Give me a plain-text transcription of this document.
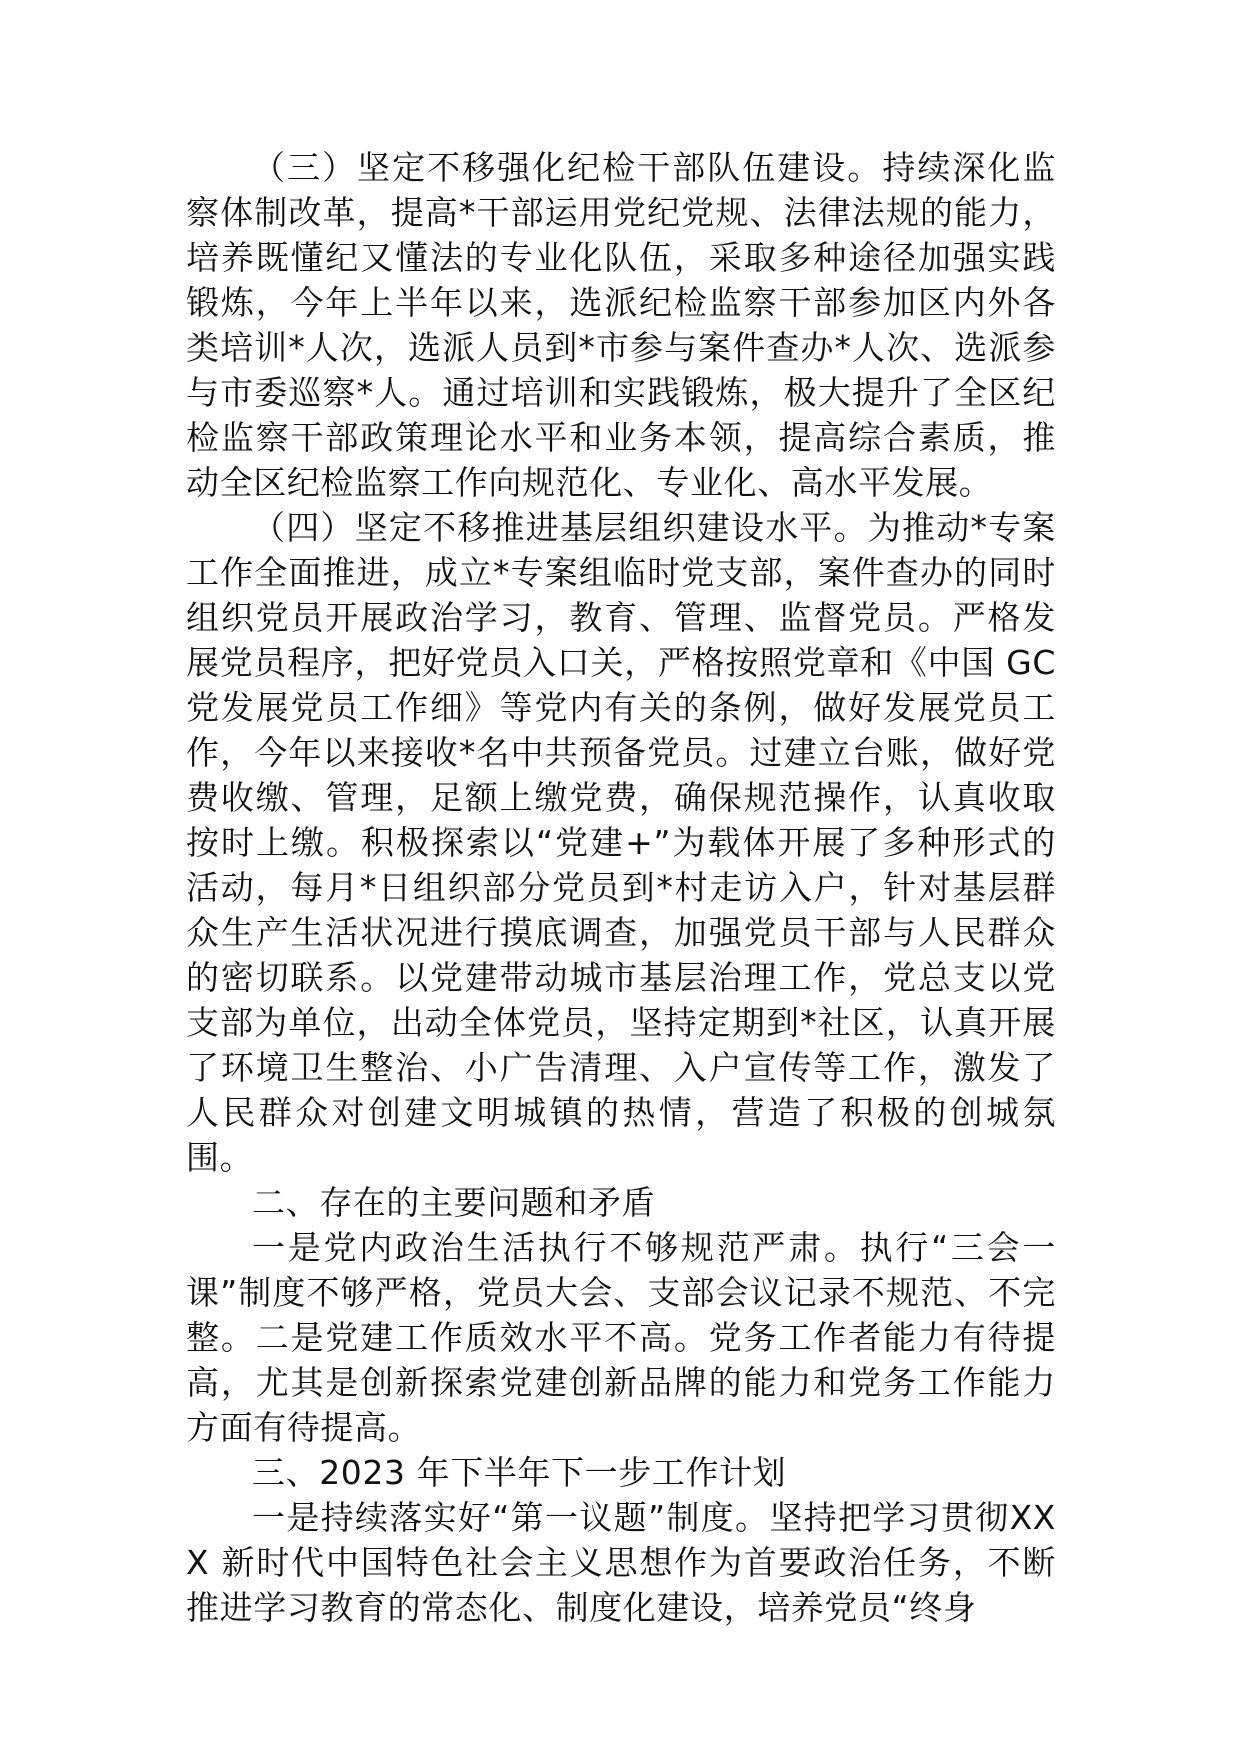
（三）坚定不移强化纪检干部队伍建设。持续深化监察体制改革，提高*干部运用党纪党规、法律法规的能力，培养既懂纪又懂法的专业化队伍，采取多种途径加强实践锻炼，今年上半年以来，选派纪检监察干部参加区内外各类培训*人次，选派人员到*市参与案件查办*人次、选派参与市委巡察*人。通过培训和实践锻炼，极大提升了全区纪检监察干部政策理论水平和业务本领，提高综合素质，推动全区纪检监察工作向规范化、专业化、高水平发展。

（四）坚定不移推进基层组织建设水平。为推动*专案工作全面推进，成立*专案组临时党支部，案件查办的同时组织党员开展政治学习，教育、管理、监督党员。严格发展党员程序，把好党员入口关，严格按照党章和《中国 GC党发展党员工作细》等党内有关的条例，做好发展党员工作，今年以来接收*名中共预备党员。过建立台账，做好党费收缴、管理，足额上缴党费，确保规范操作，认真收取按时上缴。积极探索以“党建+”为载体开展了多种形式的活动，每月*日组织部分党员到*村走访入户，针对基层群众生产生活状况进行摸底调查，加强党员干部与人民群众的密切联系。以党建带动城市基层治理工作，党总支以党支部为单位，出动全体党员，坚持定期到*社区，认真开展了环境卫生整治、小广告清理、入户宣传等工作，激发了人民群众对创建文明城镇的热情，营造了积极的创城氛围。

二、存在的主要问题和矛盾

一是党内政治生活执行不够规范严肃。执行“三会一课”制度不够严格，党员大会、支部会议记录不规范、不完整。二是党建工作质效水平不高。党务工作者能力有待提高，尤其是创新探索党建创新品牌的能力和党务工作能力方面有待提高。

三、2023 年下半年下一步工作计划

一是持续落实好“第一议题”制度。坚持把学习贯彻XXX 新时代中国特色社会主义思想作为首要政治任务，不断推进学习教育的常态化、制度化建设，培养党员“终身
